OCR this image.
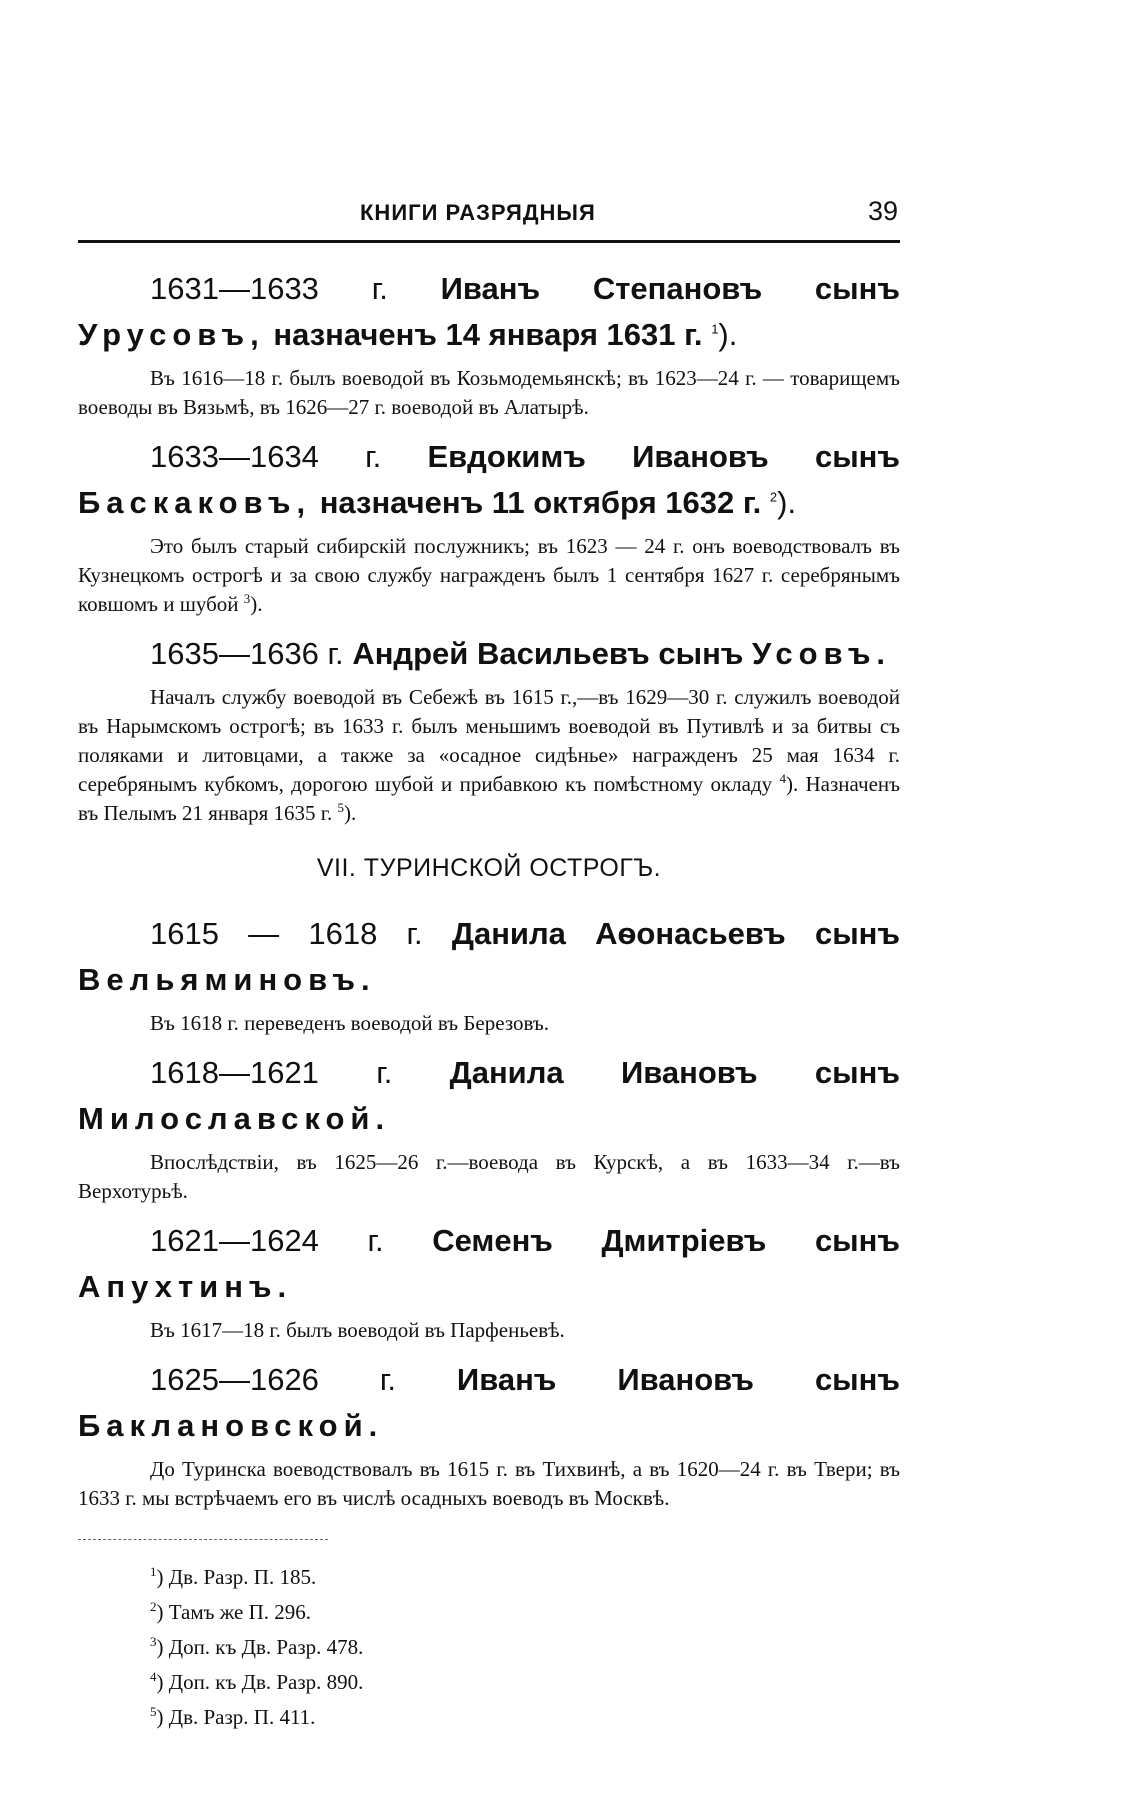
КНИГИ РАЗРЯДНЫЯ	39

1631—1633 г. Иванъ Степановъ сынъ Урусовъ, назначенъ 14 января 1631 г. $^1$).

Въ 1616—18 г. былъ воеводой въ Козьмодемьянскѣ; въ 1623—24 г. — товарищемъ воеводы въ Вязьмѣ, въ 1626—27 г. воеводой въ Алатырѣ.

1633—1634 г. Евдокимъ Ивановъ сынъ Баскаковъ, назначенъ 11 октября 1632 г. $^2$).

Это былъ старый сибирскій послужникъ; въ 1623 — 24 г. онъ воеводствовалъ въ Кузнецкомъ острогѣ и за свою службу награжденъ былъ 1 сентября 1627 г. серебрянымъ ковшомъ и шубой $^3$).

1635—1636 г. Андрей Васильевъ сынъ Усовъ.

Началъ службу воеводой въ Себежѣ въ 1615 г.,—въ 1629—30 г. служилъ воеводой въ Нарымскомъ острогѣ; въ 1633 г. былъ меньшимъ воеводой въ Путивлѣ и за битвы съ поляками и литовцами, а также за «осадное сидѣнье» награжденъ 25 мая 1634 г. серебрянымъ кубкомъ, дорогою шубой и прибавкою къ помѣстному окладу $^4$). Назначенъ въ Пелымъ 21 января 1635 г. $^5$).

VII. ТУРИНСКОЙ ОСТРОГЪ.

1615 — 1618 г. Данила Аѳонасьевъ сынъ Вельяминовъ.

Въ 1618 г. переведенъ воеводой въ Березовъ.

1618—1621 г. Данила Ивановъ сынъ Милославской.

Впослѣдствіи, въ 1625—26 г.—воевода въ Курскѣ, а въ 1633—34 г.—въ Верхотурьѣ.

1621—1624 г. Семенъ Дмитріевъ сынъ Апухтинъ.

Въ 1617—18 г. былъ воеводой въ Парфеньевѣ.

1625—1626 г. Иванъ Ивановъ сынъ Баклановской.

До Туринска воеводствовалъ въ 1615 г. въ Тихвинѣ, а въ 1620—24 г. въ Твери; въ 1633 г. мы встрѣчаемъ его въ числѣ осадныхъ воеводъ въ Москвѣ.

$^1$) Дв. Разр. П. 185.

$^2$) Тамъ же П. 296.

$^3$) Доп. къ Дв. Разр. 478.

$^4$) Доп. къ Дв. Разр. 890.

$^5$) Дв. Разр. П. 411.
